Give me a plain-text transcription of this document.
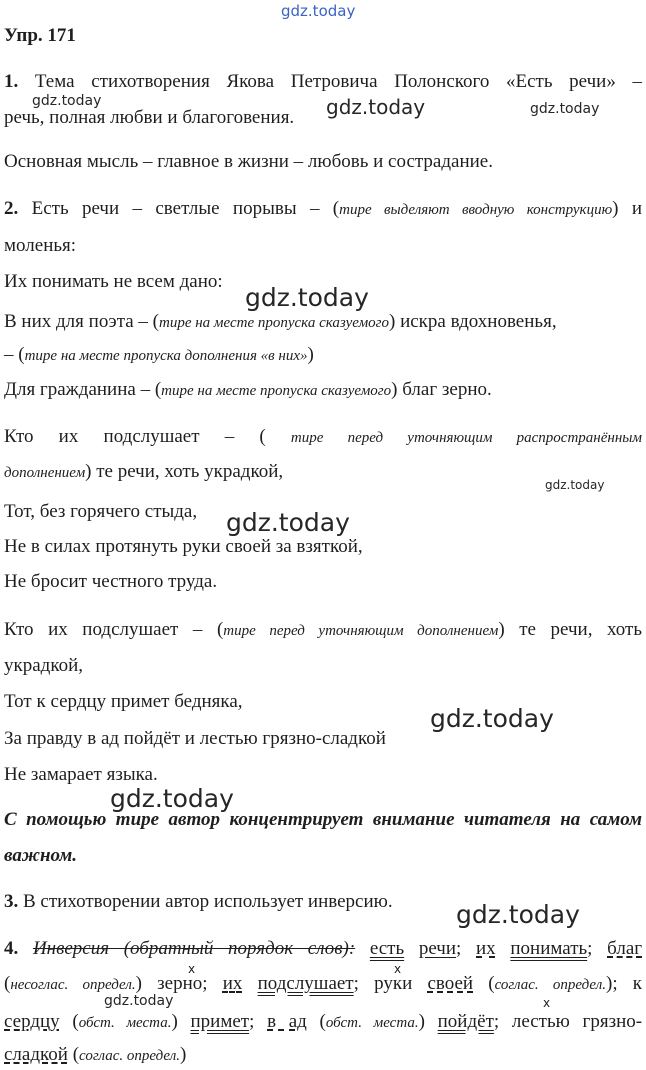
gdz.today
gdz.today	gdz.today	gdz.today
gdz.today
gdz.today
gdz.today
gdz.today
gdz.today
gdz.today
gdz.today
Упр. 171
1. Тема стихотворения Якова Петровича Полонского «Есть речи» –
речь, полная любви и благоговения.
Основная мысль – главное в жизни – любовь и сострадание.
2. Есть речи – светлые порывы – (тире выделяют вводную конструкцию) и
моленья:
Их понимать не всем дано:
В них для поэта – (тире на месте пропуска сказуемого) искра вдохновенья,
– (тире на месте пропуска дополнения «в них»)
Для гражданина – (тире на месте пропуска сказуемого) благ зерно.
Кто их подслушает – ( тире перед уточняющим распространённым
дополнением) те речи, хоть украдкой,
Тот, без горячего стыда,
Не в силах протянуть руки своей за взяткой,
Не бросит честного труда.
Кто их подслушает – (тире перед уточняющим дополнением) те речи, хоть
украдкой,
Тот к сердцу примет бедняка,
За правду в ад пойдёт и лестью грязно-сладкой
Не замарает языка.
С помощью тире автор концентрирует внимание читателя на самом
важном.
3. В стихотворении автор использует инверсию.
4. Инверсия (обратный порядок слов): есть речи; их понимать; благ
x	x
(несоглас. определ.) зерно; их подслушает; руки своей (соглас. определ.); к
x
сердцу (обст. места.) примет; в ад (обст. места.) пойдёт; лестью грязно-
сладкой (соглас. определ.)
